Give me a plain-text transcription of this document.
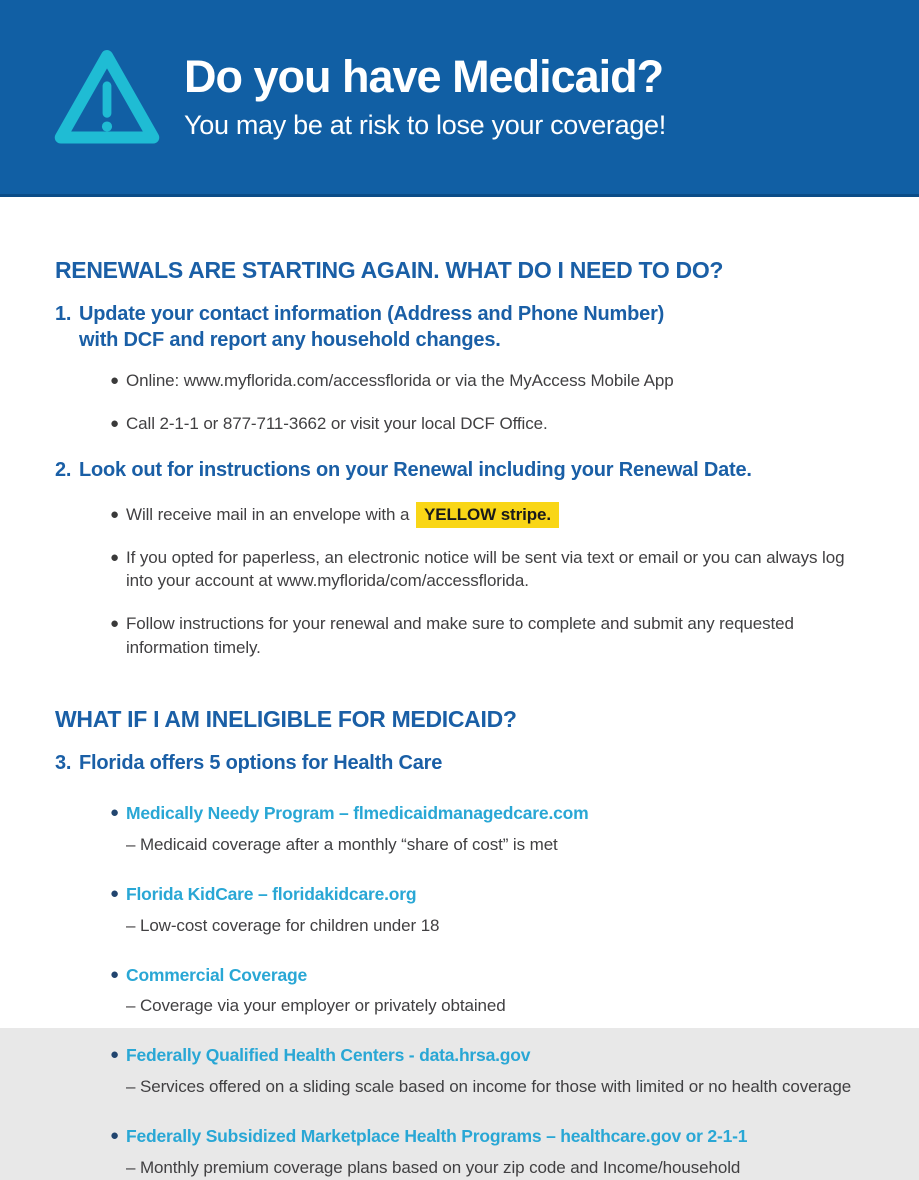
Do you have Medicaid?

You may be at risk to lose your coverage!

RENEWALS ARE STARTING AGAIN. WHAT DO I NEED TO DO?
1. Update your contact information (Address and Phone Number) with DCF and report any household changes.
● Online: www.myflorida.com/accessflorida or via the MyAccess Mobile App
● Call 2-1-1 or 877-711-3662 or visit your local DCF Office.
2. Look out for instructions on your Renewal including your Renewal Date.
● Will receive mail in an envelope with a YELLOW stripe.
● If you opted for paperless, an electronic notice will be sent via text or email or you can always log into your account at www.myflorida/com/accessflorida.
● Follow instructions for your renewal and make sure to complete and submit any requested information timely.
WHAT IF I AM INELIGIBLE FOR MEDICAID?
3. Florida offers 5 options for Health Care
● Medically Needy Program – flmedicaidmanagedcare.com
– Medicaid coverage after a monthly “share of cost” is met
● Florida KidCare – floridakidcare.org
– Low-cost coverage for children under 18
● Commercial Coverage
– Coverage via your employer or privately obtained
● Federally Qualified Health Centers - data.hrsa.gov
– Services offered on a sliding scale based on income for those with limited or no health coverage
● Federally Subsidized Marketplace Health Programs – healthcare.gov or 2-1-1
– Monthly premium coverage plans based on your zip code and Income/household
